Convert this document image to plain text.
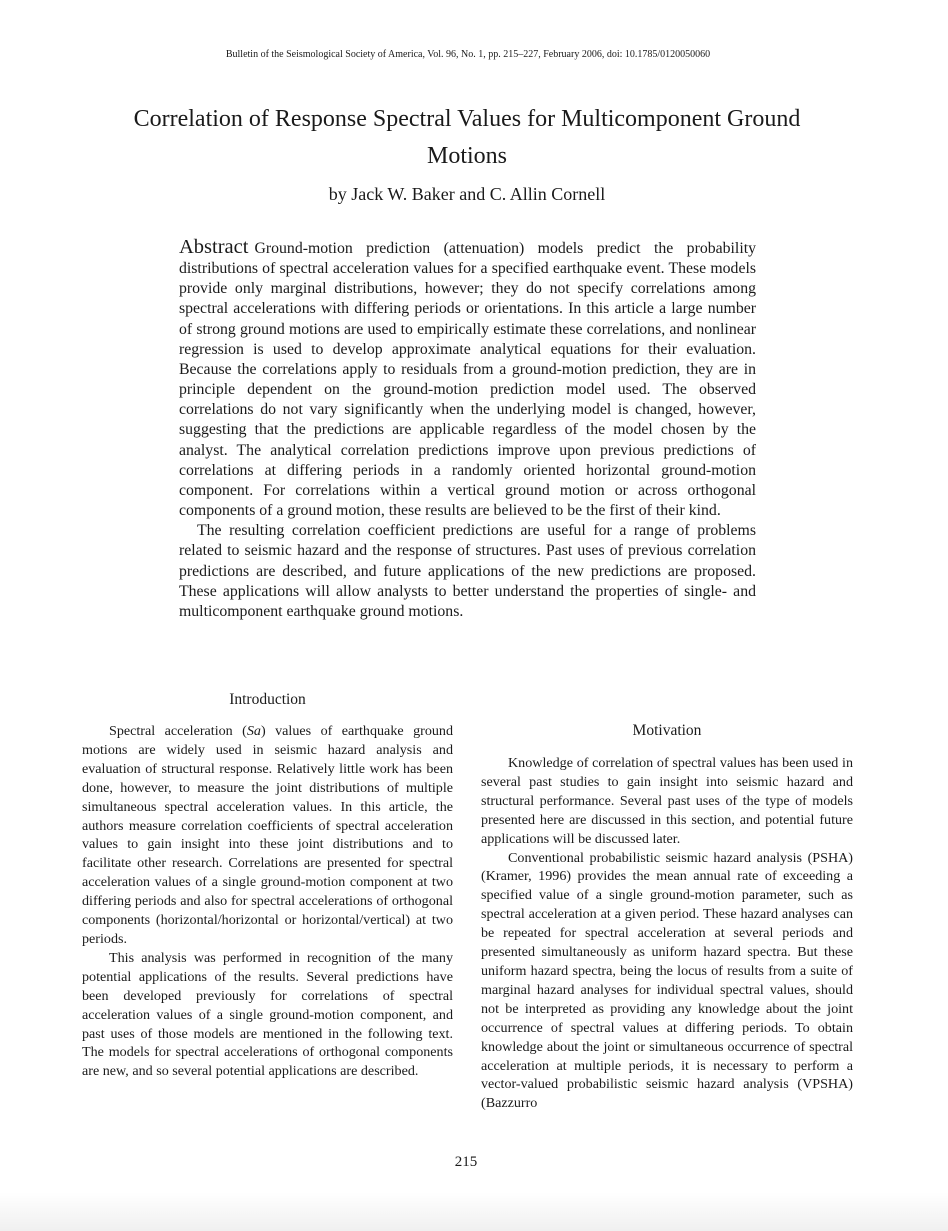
Bulletin of the Seismological Society of America, Vol. 96, No. 1, pp. 215–227, February 2006, doi: 10.1785/0120050060
Correlation of Response Spectral Values for Multicomponent Ground Motions
by Jack W. Baker and C. Allin Cornell

Abstract Ground-motion prediction (attenuation) models predict the probability distributions of spectral acceleration values for a specified earthquake event. These models provide only marginal distributions, however; they do not specify correlations among spectral accelerations with differing periods or orientations. In this article a large number of strong ground motions are used to empirically estimate these correlations, and nonlinear regression is used to develop approximate analytical equations for their evaluation. Because the correlations apply to residuals from a ground-motion prediction, they are in principle dependent on the ground-motion prediction model used. The observed correlations do not vary significantly when the underlying model is changed, however, suggesting that the predictions are applicable regardless of the model chosen by the analyst. The analytical correlation predictions improve upon previous predictions of correlations at differing periods in a randomly oriented horizontal ground-motion component. For correlations within a vertical ground motion or across orthogonal components of a ground motion, these results are believed to be the first of their kind.

The resulting correlation coefficient predictions are useful for a range of problems related to seismic hazard and the response of structures. Past uses of previous correlation predictions are described, and future applications of the new predictions are proposed. These applications will allow analysts to better understand the properties of single- and multicomponent earthquake ground motions.

Introduction

Spectral acceleration (Sa) values of earthquake ground motions are widely used in seismic hazard analysis and evaluation of structural response. Relatively little work has been done, however, to measure the joint distributions of multiple simultaneous spectral acceleration values. In this article, the authors measure correlation coefficients of spectral acceleration values to gain insight into these joint distributions and to facilitate other research. Correlations are presented for spectral acceleration values of a single ground-motion component at two differing periods and also for spectral accelerations of orthogonal components (horizontal/horizontal or horizontal/vertical) at two periods.

This analysis was performed in recognition of the many potential applications of the results. Several predictions have been developed previously for correlations of spectral acceleration values of a single ground-motion component, and past uses of those models are mentioned in the following text. The models for spectral accelerations of orthogonal components are new, and so several potential applications are described.

Motivation

Knowledge of correlation of spectral values has been used in several past studies to gain insight into seismic hazard and structural performance. Several past uses of the type of models presented here are discussed in this section, and potential future applications will be discussed later.

Conventional probabilistic seismic hazard analysis (PSHA) (Kramer, 1996) provides the mean annual rate of exceeding a specified value of a single ground-motion parameter, such as spectral acceleration at a given period. These hazard analyses can be repeated for spectral acceleration at several periods and presented simultaneously as uniform hazard spectra. But these uniform hazard spectra, being the locus of results from a suite of marginal hazard analyses for individual spectral values, should not be interpreted as providing any knowledge about the joint occurrence of spectral values at differing periods. To obtain knowledge about the joint or simultaneous occurrence of spectral acceleration at multiple periods, it is necessary to perform a vector-valued probabilistic seismic hazard analysis (VPSHA) (Bazzurro

215
